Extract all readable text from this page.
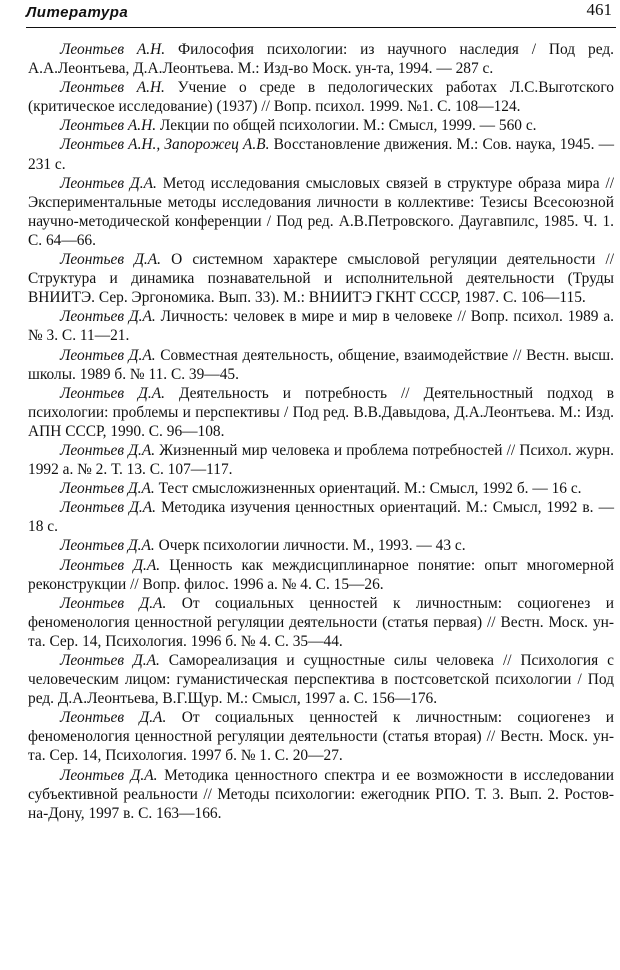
Литература	461
Леонтьев А.Н. Философия психологии: из научного наследия / Под ред. А.А.Леонтьева, Д.А.Леонтьева. М.: Изд-во Моск. ун-та, 1994. — 287 с.
Леонтьев А.Н. Учение о среде в педологических работах Л.С.Выготского (критическое исследование) (1937) // Вопр. психол. 1999. №1. С. 108—124.
Леонтьев А.Н. Лекции по общей психологии. М.: Смысл, 1999. — 560 с.
Леонтьев А.Н., Запорожец А.В. Восстановление движения. М.: Сов. наука, 1945. — 231 с.
Леонтьев Д.А. Метод исследования смысловых связей в структуре образа мира // Экспериментальные методы исследования личности в коллективе: Тезисы Всесоюзной научно-методической конференции / Под ред. А.В.Петровского. Даугавпилс, 1985. Ч. 1. С. 64—66.
Леонтьев Д.А. О системном характере смысловой регуляции деятельности // Структура и динамика познавательной и исполнительной деятельности (Труды ВНИИТЭ. Сер. Эргономика. Вып. 33). М.: ВНИИТЭ ГКНТ СССР, 1987. С. 106—115.
Леонтьев Д.А. Личность: человек в мире и мир в человеке // Вопр. психол. 1989 а. № 3. С. 11—21.
Леонтьев Д.А. Совместная деятельность, общение, взаимодействие // Вестн. высш. школы. 1989 б. № 11. С. 39—45.
Леонтьев Д.А. Деятельность и потребность // Деятельностный подход в психологии: проблемы и перспективы / Под ред. В.В.Давыдова, Д.А.Леонтьева. М.: Изд. АПН СССР, 1990. С. 96—108.
Леонтьев Д.А. Жизненный мир человека и проблема потребностей // Психол. журн. 1992 а. № 2. Т. 13. С. 107—117.
Леонтьев Д.А. Тест смысложизненных ориентаций. М.: Смысл, 1992 б. — 16 с.
Леонтьев Д.А. Методика изучения ценностных ориентаций. М.: Смысл, 1992 в. — 18 с.
Леонтьев Д.А. Очерк психологии личности. М., 1993. — 43 с.
Леонтьев Д.А. Ценность как междисциплинарное понятие: опыт многомерной реконструкции // Вопр. филос. 1996 а. № 4. С. 15—26.
Леонтьев Д.А. От социальных ценностей к личностным: социогенез и феноменология ценностной регуляции деятельности (статья первая) // Вестн. Моск. ун-та. Сер. 14, Психология. 1996 б. № 4. С. 35—44.
Леонтьев Д.А. Самореализация и сущностные силы человека // Психология с человеческим лицом: гуманистическая перспектива в постсоветской психологии / Под ред. Д.А.Леонтьева, В.Г.Щур. М.: Смысл, 1997 а. С. 156—176.
Леонтьев Д.А. От социальных ценностей к личностным: социогенез и феноменология ценностной регуляции деятельности (статья вторая) // Вестн. Моск. ун-та. Сер. 14, Психология. 1997 б. № 1. С. 20—27.
Леонтьев Д.А. Методика ценностного спектра и ее возможности в исследовании субъективной реальности // Методы психологии: ежегодник РПО. Т. 3. Вып. 2. Ростов-на-Дону, 1997 в. С. 163—166.
